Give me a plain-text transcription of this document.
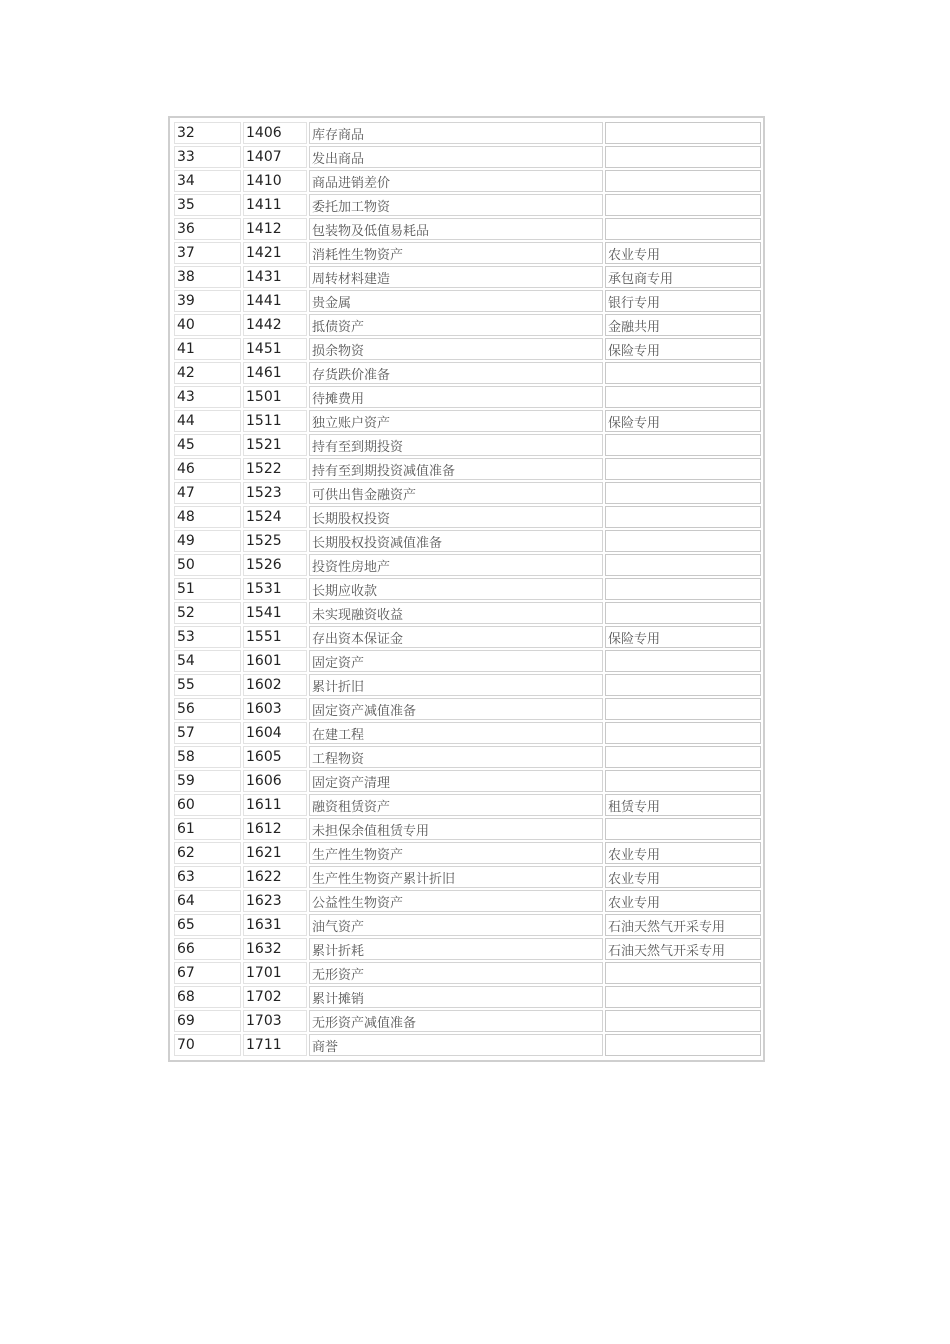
32	1406	库存商品	
33	1407	发出商品	
34	1410	商品进销差价	
35	1411	委托加工物资	
36	1412	包装物及低值易耗品	
37	1421	消耗性生物资产	农业专用
38	1431	周转材料建造	承包商专用
39	1441	贵金属	银行专用
40	1442	抵债资产	金融共用
41	1451	损余物资	保险专用
42	1461	存货跌价准备	
43	1501	待摊费用	
44	1511	独立账户资产	保险专用
45	1521	持有至到期投资	
46	1522	持有至到期投资减值准备	
47	1523	可供出售金融资产	
48	1524	长期股权投资	
49	1525	长期股权投资减值准备	
50	1526	投资性房地产	
51	1531	长期应收款	
52	1541	未实现融资收益	
53	1551	存出资本保证金	保险专用
54	1601	固定资产	
55	1602	累计折旧	
56	1603	固定资产减值准备	
57	1604	在建工程	
58	1605	工程物资	
59	1606	固定资产清理	
60	1611	融资租赁资产	租赁专用
61	1612	未担保余值租赁专用	
62	1621	生产性生物资产	农业专用
63	1622	生产性生物资产累计折旧	农业专用
64	1623	公益性生物资产	农业专用
65	1631	油气资产	石油天然气开采专用
66	1632	累计折耗	石油天然气开采专用
67	1701	无形资产	
68	1702	累计摊销	
69	1703	无形资产减值准备	
70	1711	商誉	
